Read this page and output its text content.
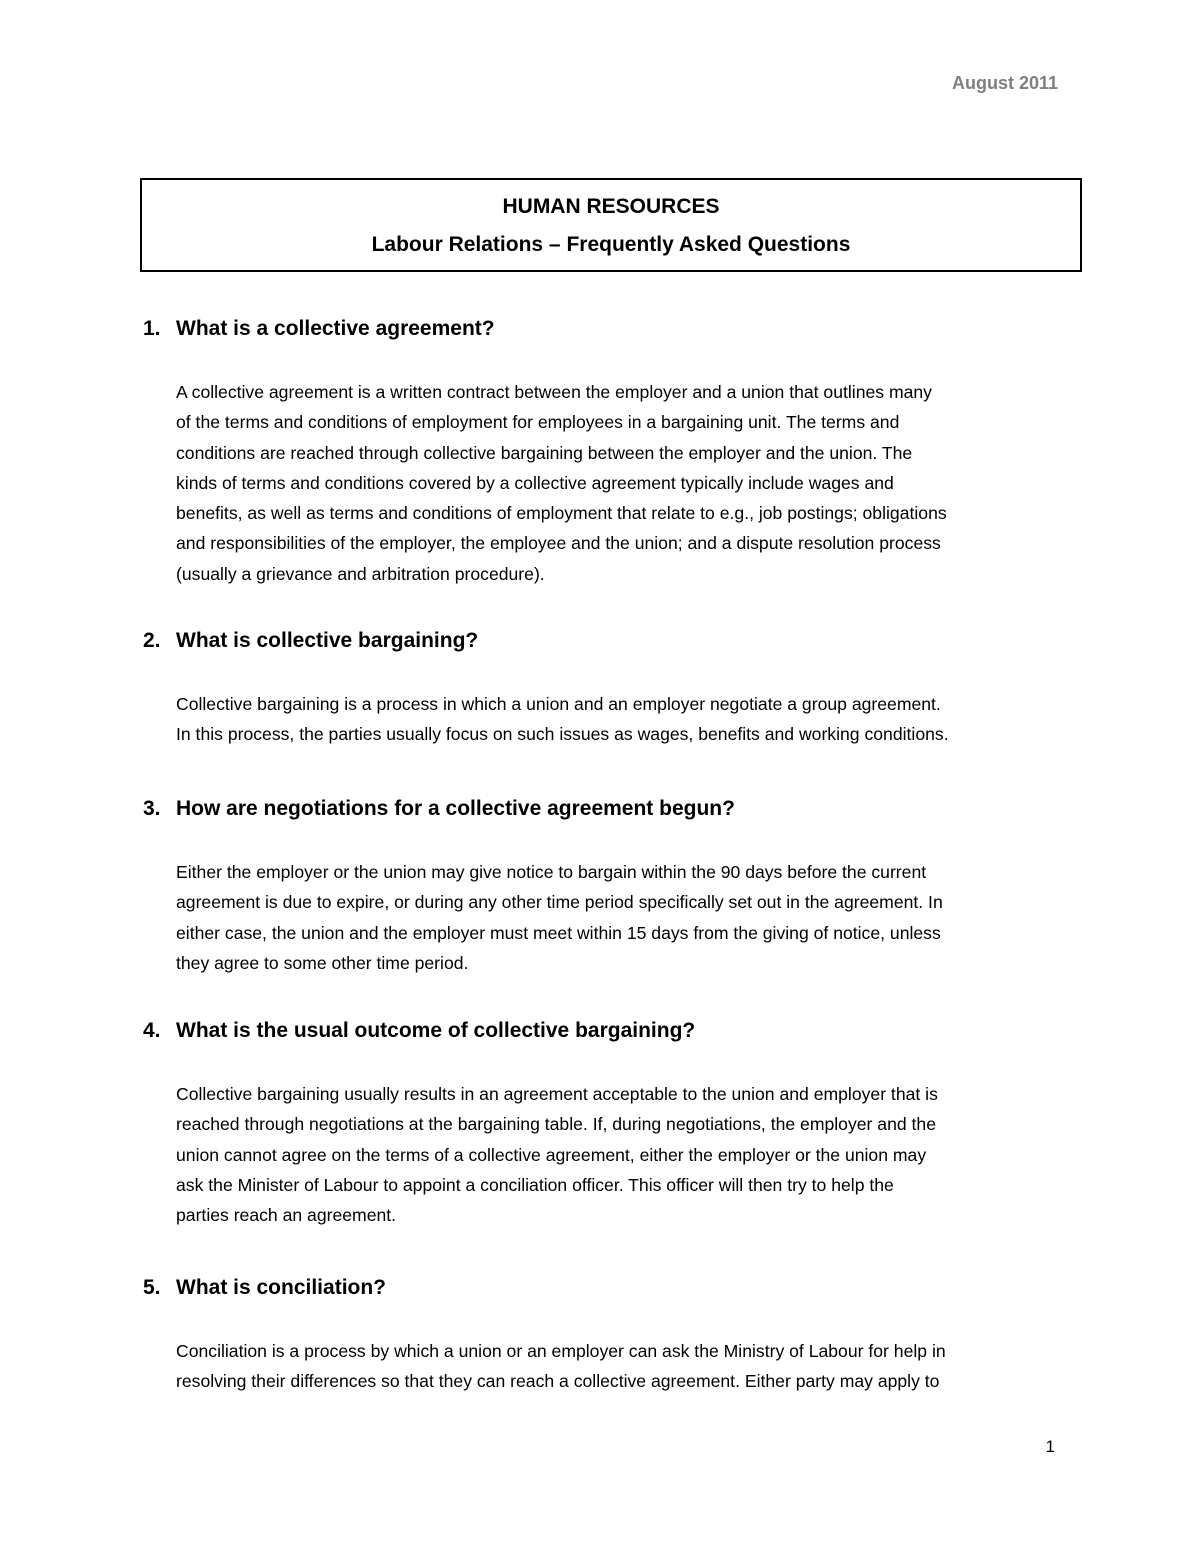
August 2011
HUMAN RESOURCES
Labour Relations – Frequently Asked Questions
1. What is a collective agreement?
A collective agreement is a written contract between the employer and a union that outlines many
of the terms and conditions of employment for employees in a bargaining unit. The terms and
conditions are reached through collective bargaining between the employer and the union. The
kinds of terms and conditions covered by a collective agreement typically include wages and
benefits, as well as terms and conditions of employment that relate to e.g., job postings; obligations
and responsibilities of the employer, the employee and the union; and a dispute resolution process
(usually a grievance and arbitration procedure).
2. What is collective bargaining?
Collective bargaining is a process in which a union and an employer negotiate a group agreement.
In this process, the parties usually focus on such issues as wages, benefits and working conditions.
3. How are negotiations for a collective agreement begun?
Either the employer or the union may give notice to bargain within the 90 days before the current
agreement is due to expire, or during any other time period specifically set out in the agreement. In
either case, the union and the employer must meet within 15 days from the giving of notice, unless
they agree to some other time period.
4. What is the usual outcome of collective bargaining?
Collective bargaining usually results in an agreement acceptable to the union and employer that is
reached through negotiations at the bargaining table. If, during negotiations, the employer and the
union cannot agree on the terms of a collective agreement, either the employer or the union may
ask the Minister of Labour to appoint a conciliation officer. This officer will then try to help the
parties reach an agreement.
5. What is conciliation?
Conciliation is a process by which a union or an employer can ask the Ministry of Labour for help in
resolving their differences so that they can reach a collective agreement. Either party may apply to
1
